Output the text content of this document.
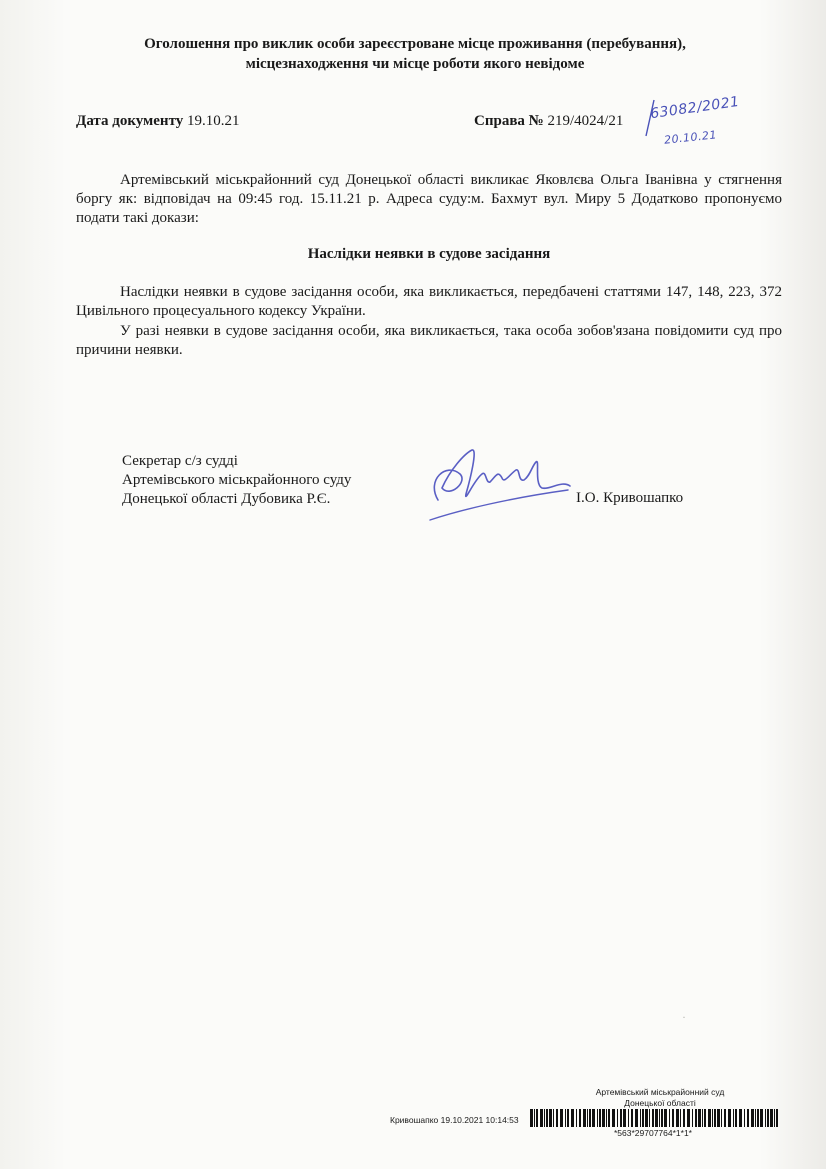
Оголошення про виклик особи зареєстроване місце проживання (перебування),
місцезнаходження чи місце роботи якого невідоме
Дата документу 19.10.21	Справа № 219/4024/21 63082/2021
20.10.21
Артемівський міськрайонний суд Донецької області викликає Яковлєва Ольга Іванівна у стягнення боргу як: відповідач на 09:45 год. 15.11.21 р. Адреса суду:м. Бахмут вул. Миру 5 Додатково пропонуємо подати такі докази:
Наслідки неявки в судове засідання
Наслідки неявки в судове засідання особи, яка викликається, передбачені статтями 147, 148, 223, 372 Цивільного процесуального кодексу України.
У разі неявки в судове засідання особи, яка викликається, така особа зобов'язана повідомити суд про причини неявки.
Секретар с/з судді
Артемівського міськрайонного суду
Донецької області Дубовика Р.Є.	І.О. Кривошапко
·
Артемівський міськрайонний суд
Донецької області
Кривошапко 19.10.2021 10:14:53
*563*29707764*1*1*
